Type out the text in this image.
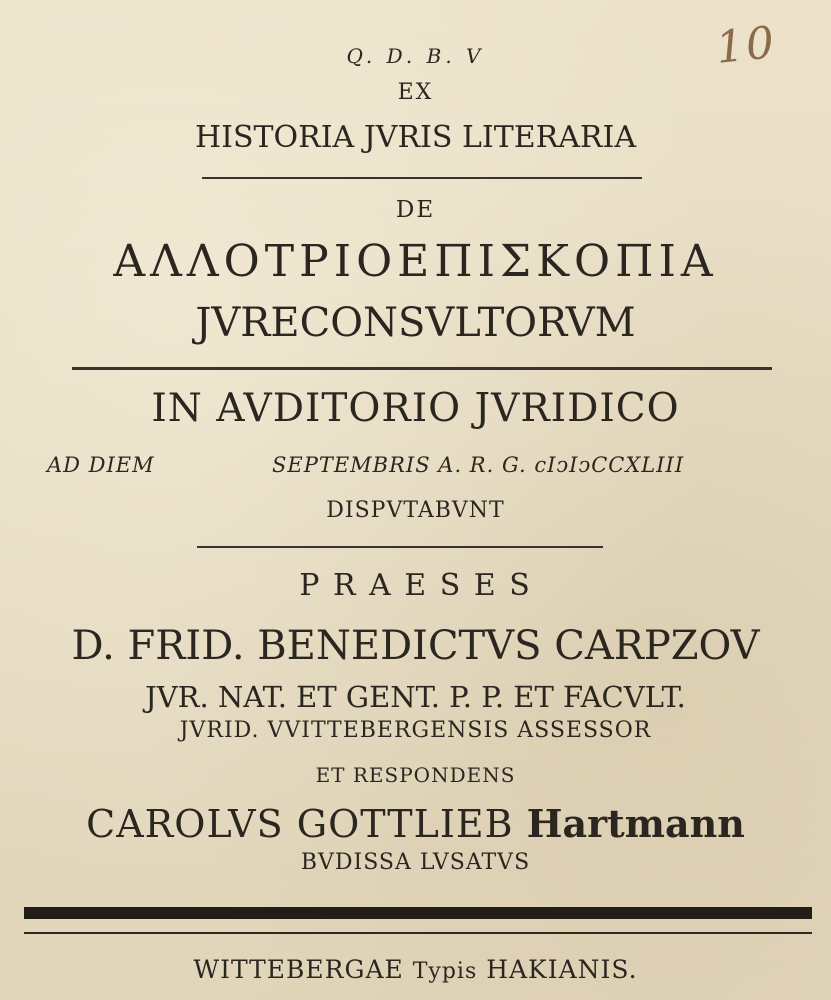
10
Q. D. B. V
EX
HISTORIA JVRIS LITERARIA
DE
ΑΛΛΟΤΡΙΟΕΠΙΣΚΟΠΙΑ
JVRECONSVLTORVM
IN AVDITORIO JVRIDICO
AD DIEM	SEPTEMBRIS A. R. G. cIↄIↄCCXLIII
DISPVTABVNT
P R A E S E S
D. FRID. BENEDICTVS CARPZOV
JVR. NAT. ET GENT. P. P. ET FACVLT.
JVRID. VVITTEBERGENSIS ASSESSOR
ET RESPONDENS
CAROLVS GOTTLIEB Hartmann
BVDISSA LVSATVS
WITTEBERGAE Typis HAKIANIS.
